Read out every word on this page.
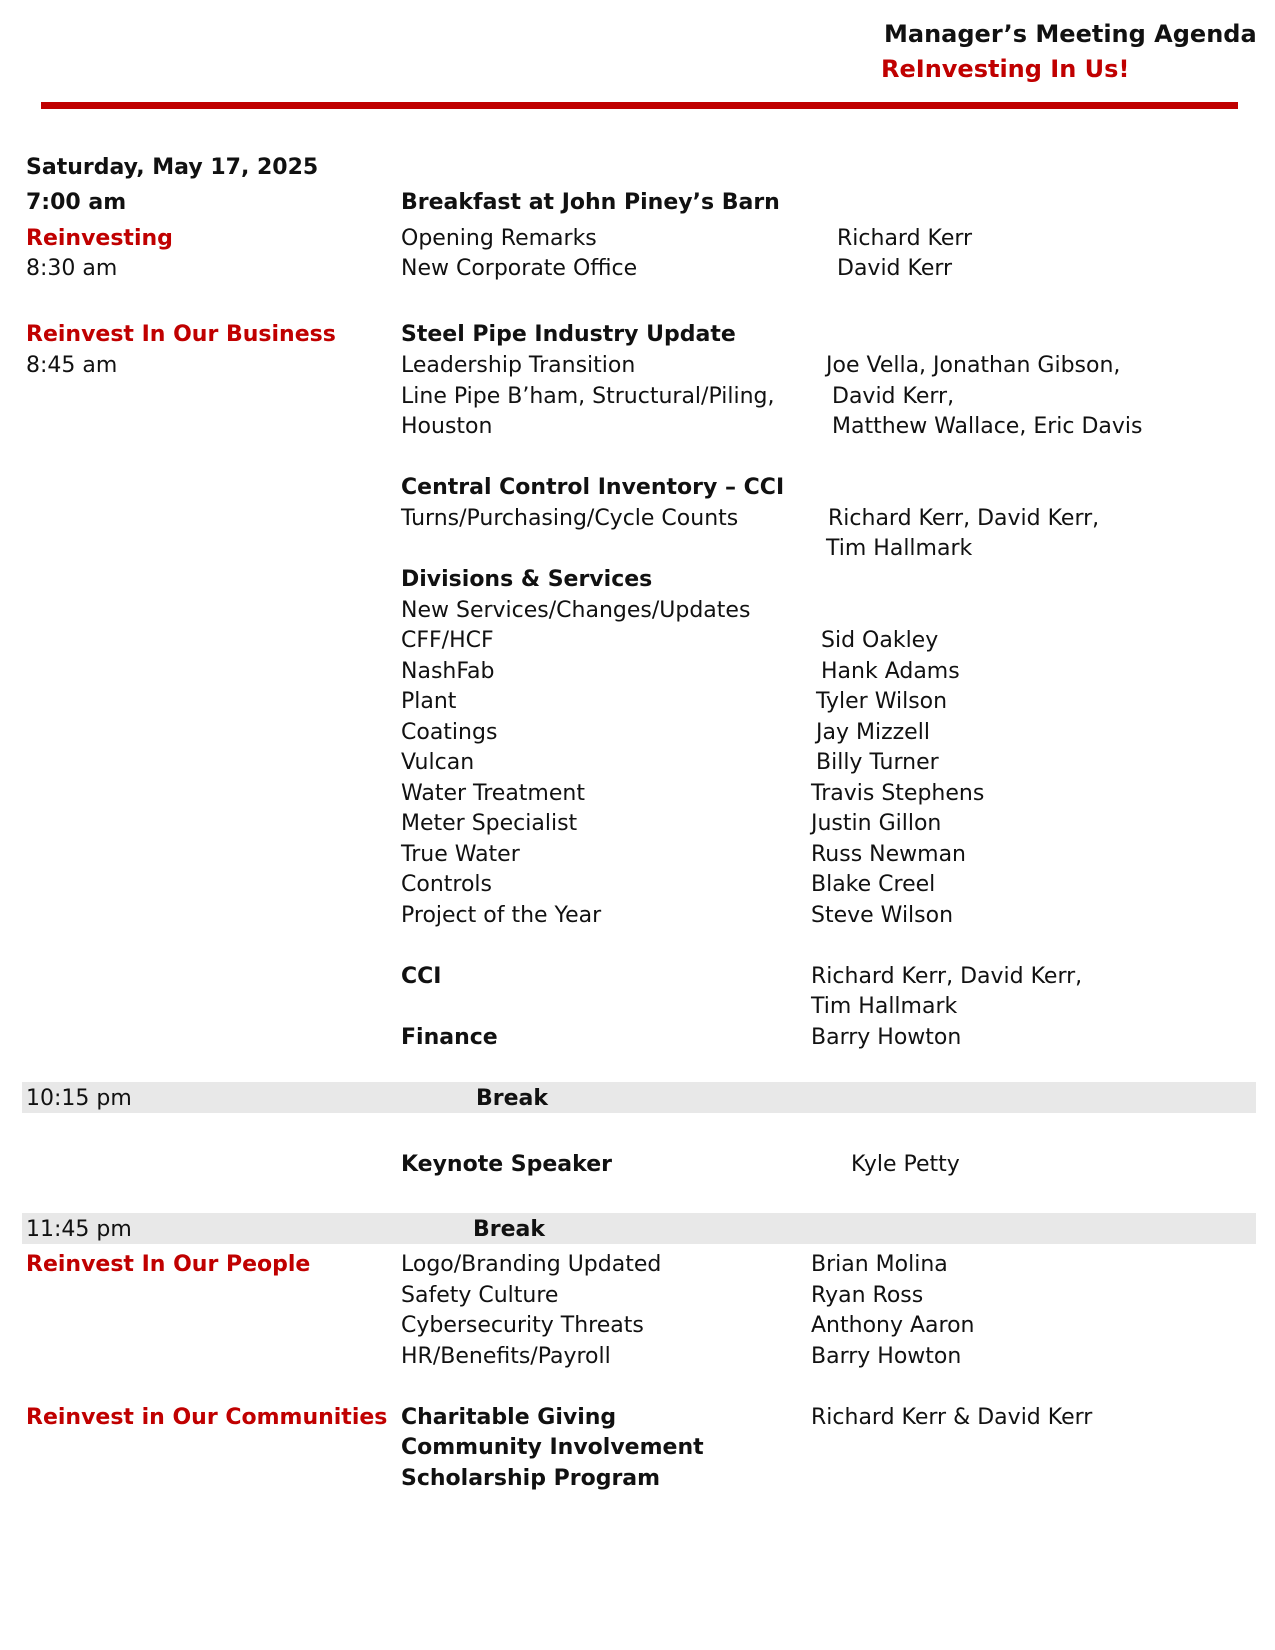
Manager’s Meeting Agenda
ReInvesting In Us!
Saturday, May 17, 2025
7:00 am
Reinvesting
8:30 am
Reinvest In Our Business
8:45 am
10:15 pm
11:45 pm
Reinvest In Our People
Reinvest in Our Communities
Breakfast at John Piney’s Barn
Opening Remarks
New Corporate Office
Steel Pipe Industry Update
Leadership Transition
Line Pipe B’ham, Structural/Piling,
Houston
Central Control Inventory – CCI
Turns/Purchasing/Cycle Counts
Divisions & Services
New Services/Changes/Updates
CFF/HCF
NashFab
Plant
Coatings
Vulcan
Water Treatment
Meter Specialist
True Water
Controls
Project of the Year
CCI
Finance
Break
Keynote Speaker
Break
Logo/Branding Updated
Safety Culture
Cybersecurity Threats
HR/Benefits/Payroll
Charitable Giving
Community Involvement
Scholarship Program
Richard Kerr
David Kerr
Joe Vella, Jonathan Gibson,
David Kerr,
Matthew Wallace, Eric Davis
Richard Kerr, David Kerr,
Tim Hallmark
Sid Oakley
Hank Adams
Tyler Wilson
Jay Mizzell
Billy Turner
Travis Stephens
Justin Gillon
Russ Newman
Blake Creel
Steve Wilson
Richard Kerr, David Kerr,
Tim Hallmark
Barry Howton
Kyle Petty
Brian Molina
Ryan Ross
Anthony Aaron
Barry Howton
Richard Kerr & David Kerr
